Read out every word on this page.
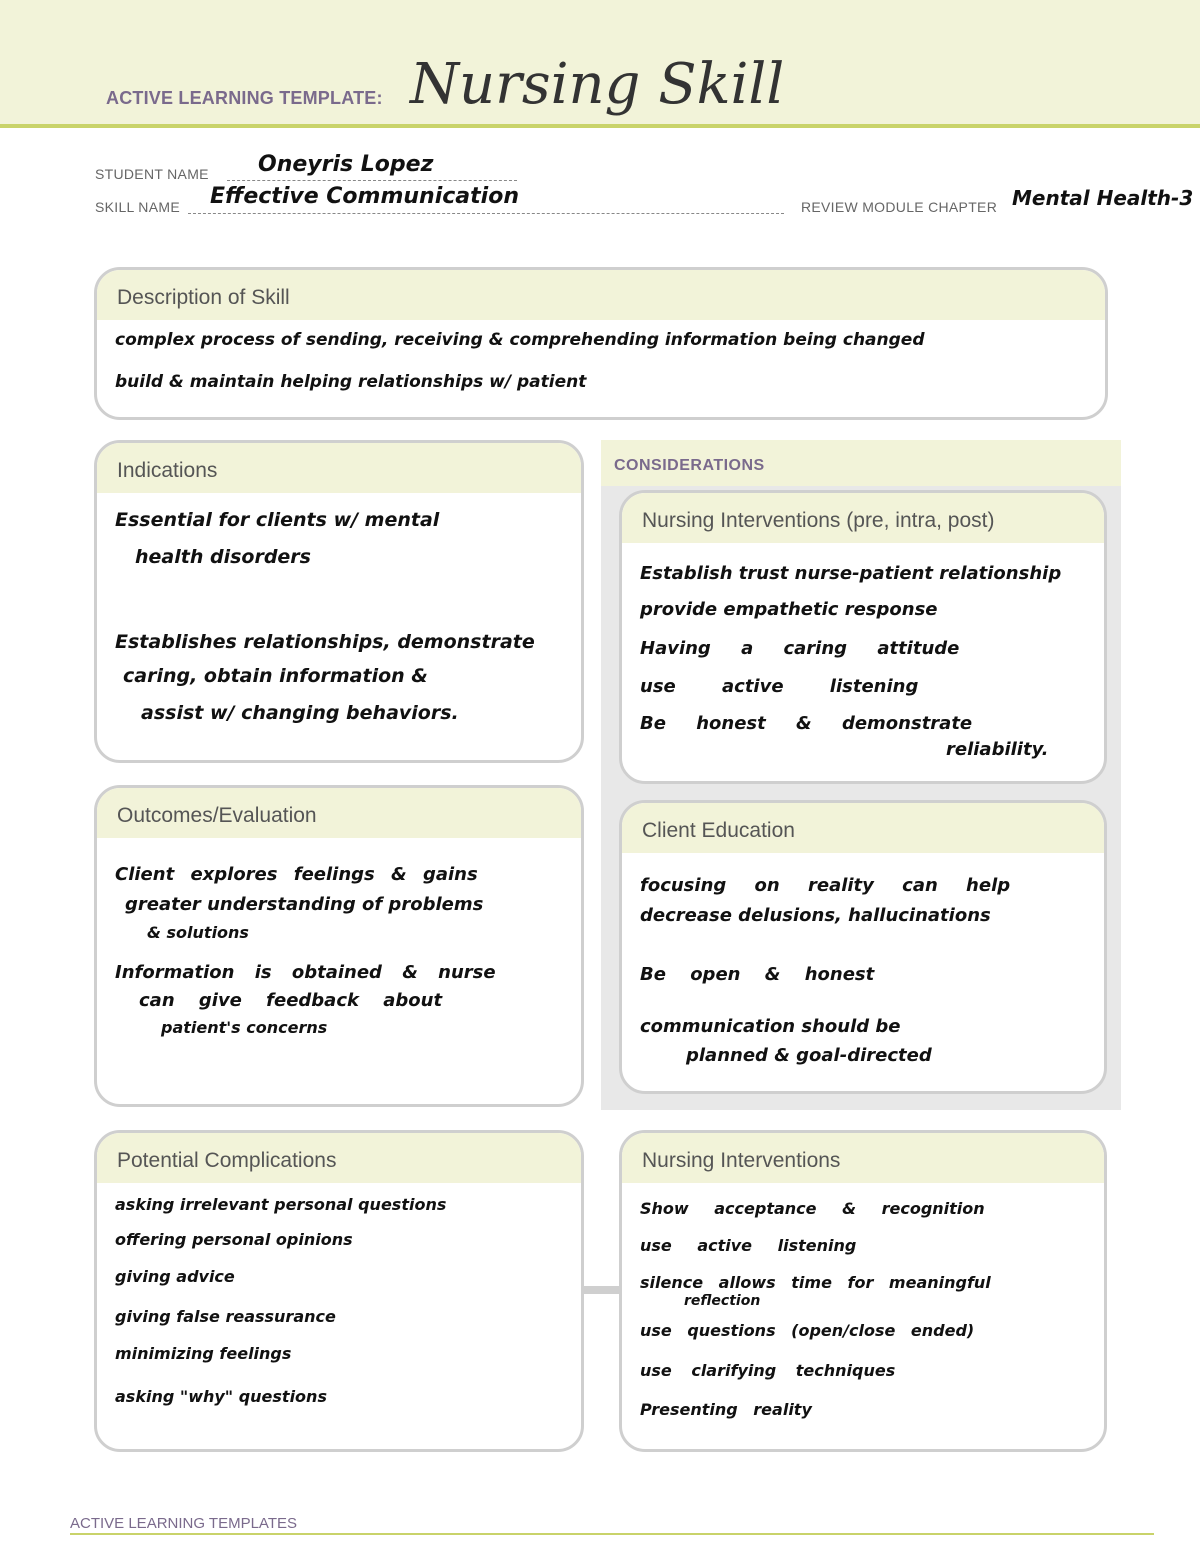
ACTIVE LEARNING TEMPLATE: Nursing Skill
STUDENT NAME Oneyris Lopez
SKILL NAME Effective Communication	REVIEW MODULE CHAPTER Mental Health-3
Description of Skill
complex process of sending, receiving & comprehending information being changed
build & maintain helping relationships w/ patient
Indications
Essential for clients w/ mental
health disorders
Establishes relationships, demonstrate
caring, obtain information &
assist w/ changing behaviors.
CONSIDERATIONS
Nursing Interventions (pre, intra, post)
Establish trust nurse-patient relationship
provide empathetic response
Having a caring attitude
use active listening
Be honest & demonstrate
reliability.
Outcomes/Evaluation
Client explores feelings & gains
greater understanding of problems
& solutions
Information is obtained & nurse
can give feedback about
patient's concerns
Client Education
focusing on reality can help
decrease delusions, hallucinations
Be open & honest
communication should be
planned & goal-directed
Potential Complications
asking irrelevant personal questions
offering personal opinions
giving advice
giving false reassurance
minimizing feelings
asking "why" questions
Nursing Interventions
Show acceptance & recognition
use active listening
silence allows time for meaningful
reflection
use questions (open/close ended)
use clarifying techniques
Presenting reality
ACTIVE LEARNING TEMPLATES
